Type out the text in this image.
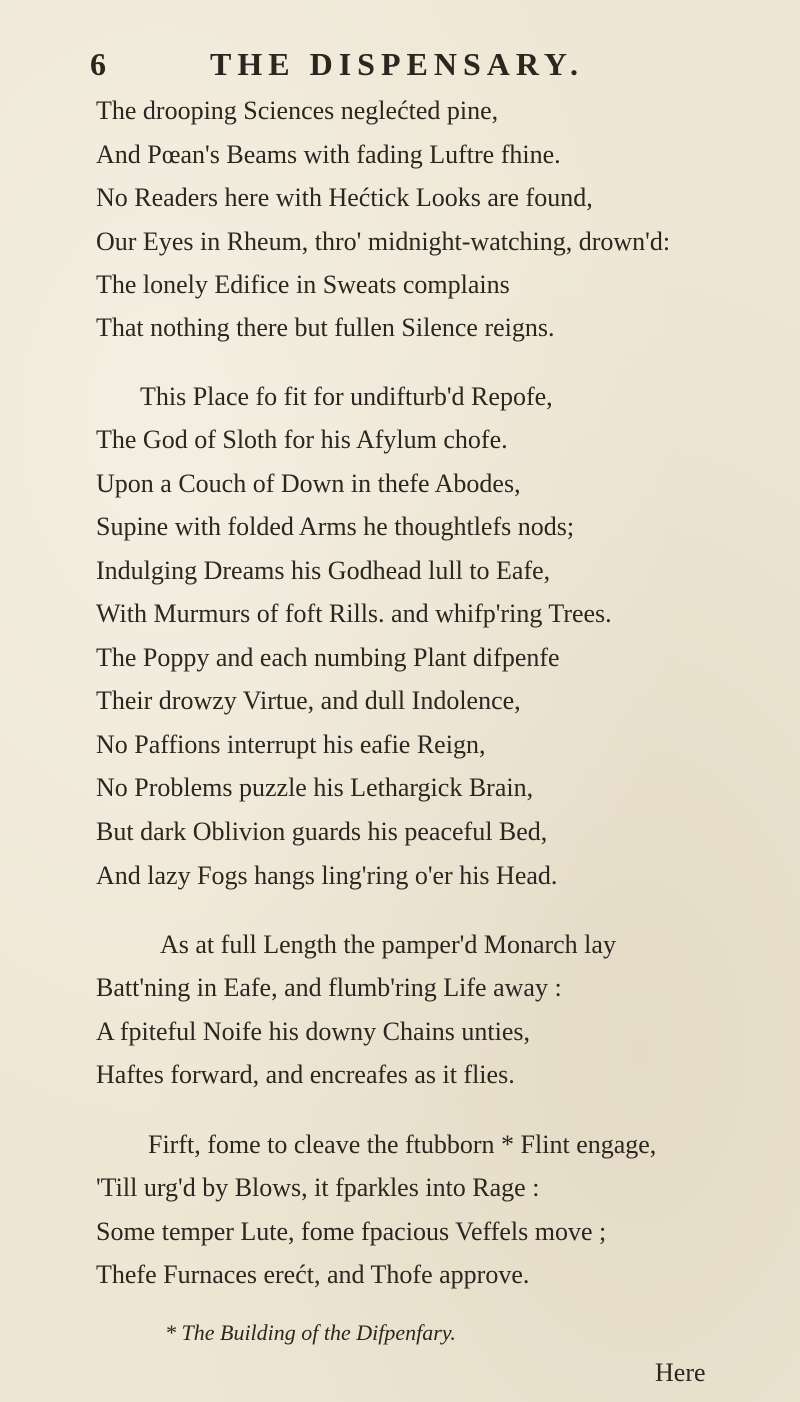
6	THE DISPENSARY.
The drooping Sciences neglećted pine,
And Pœan's Beams with fading Luftre fhine.
No Readers here with Hećtick Looks are found,
Our Eyes in Rheum, thro' midnight-watching, drown'd:
The lonely Edifice in Sweats complains
That nothing there but fullen Silence reigns.
This Place fo fit for undifturb'd Repofe,
The God of Sloth for his Afylum chofe.
Upon a Couch of Down in thefe Abodes,
Supine with folded Arms he thoughtlefs nods;
Indulging Dreams his Godhead lull to Eafe,
With Murmurs of foft Rills. and whifp'ring Trees.
The Poppy and each numbing Plant difpenfe
Their drowzy Virtue, and dull Indolence,
No Paffions interrupt his eafie Reign,
No Problems puzzle his Lethargick Brain,
But dark Oblivion guards his peaceful Bed,
And lazy Fogs hangs ling'ring o'er his Head.
As at full Length the pamper'd Monarch lay
Batt'ning in Eafe, and flumb'ring Life away :
A fpiteful Noife his downy Chains unties,
Haftes forward, and encreafes as it flies.
Firft, fome to cleave the ftubborn * Flint engage,
'Till urg'd by Blows, it fparkles into Rage :
Some temper Lute, fome fpacious Veffels move ;
Thefe Furnaces erećt, and Thofe approve.
* The Building of the Difpenfary.
Here
